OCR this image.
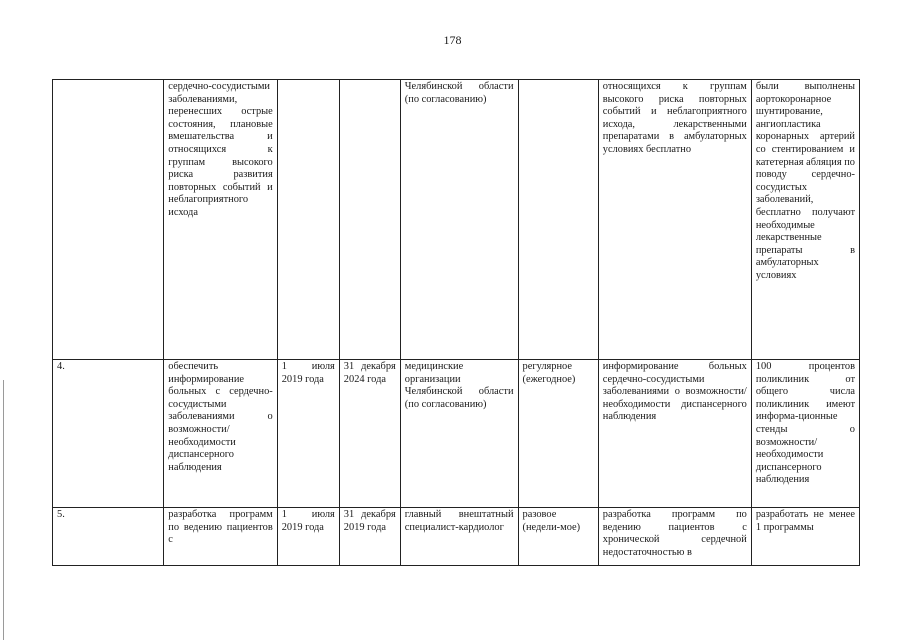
178
	сердечно-сосудистыми заболеваниями, перенесших острые состояния, плановые вмешательства и относящихся к группам высокого риска развития повторных событий и неблагоприятного исхода			Челябинской области (по согласованию)		относящихся к группам высокого риска повторных событий и неблагоприятного исхода, лекарственными препаратами в амбулаторных условиях бесплатно	были выполнены аортокоронарное шунтирование, ангиопластика коронарных артерий со стентированием и катетерная абляция по поводу сердечно-сосудистых заболеваний, бесплатно получают необходимые лекарственные препараты в амбулаторных условиях
4.	обеспечить информирование больных с сердечно-сосудистыми заболеваниями о возможности/ необходимости диспансерного наблюдения	1 июля 2019 года	31 декабря 2024 года	медицинские организации Челябинской области (по согласованию)	регулярное (ежегодное)	информирование больных сердечно-сосудистыми заболеваниями о возможности/ необходимости диспансерного наблюдения	100 процентов поликлиник от общего числа поликлиник имеют информа-ционные стенды о возможности/ необходимости диспансерного наблюдения
5.	разработка программ по ведению пациентов с	1 июля 2019 года	31 декабря 2019 года	главный внештатный специалист-кардиолог	разовое (недели-мое)	разработка программ по ведению пациентов с хронической сердечной недостаточностью в	разработать не менее 1 программы
